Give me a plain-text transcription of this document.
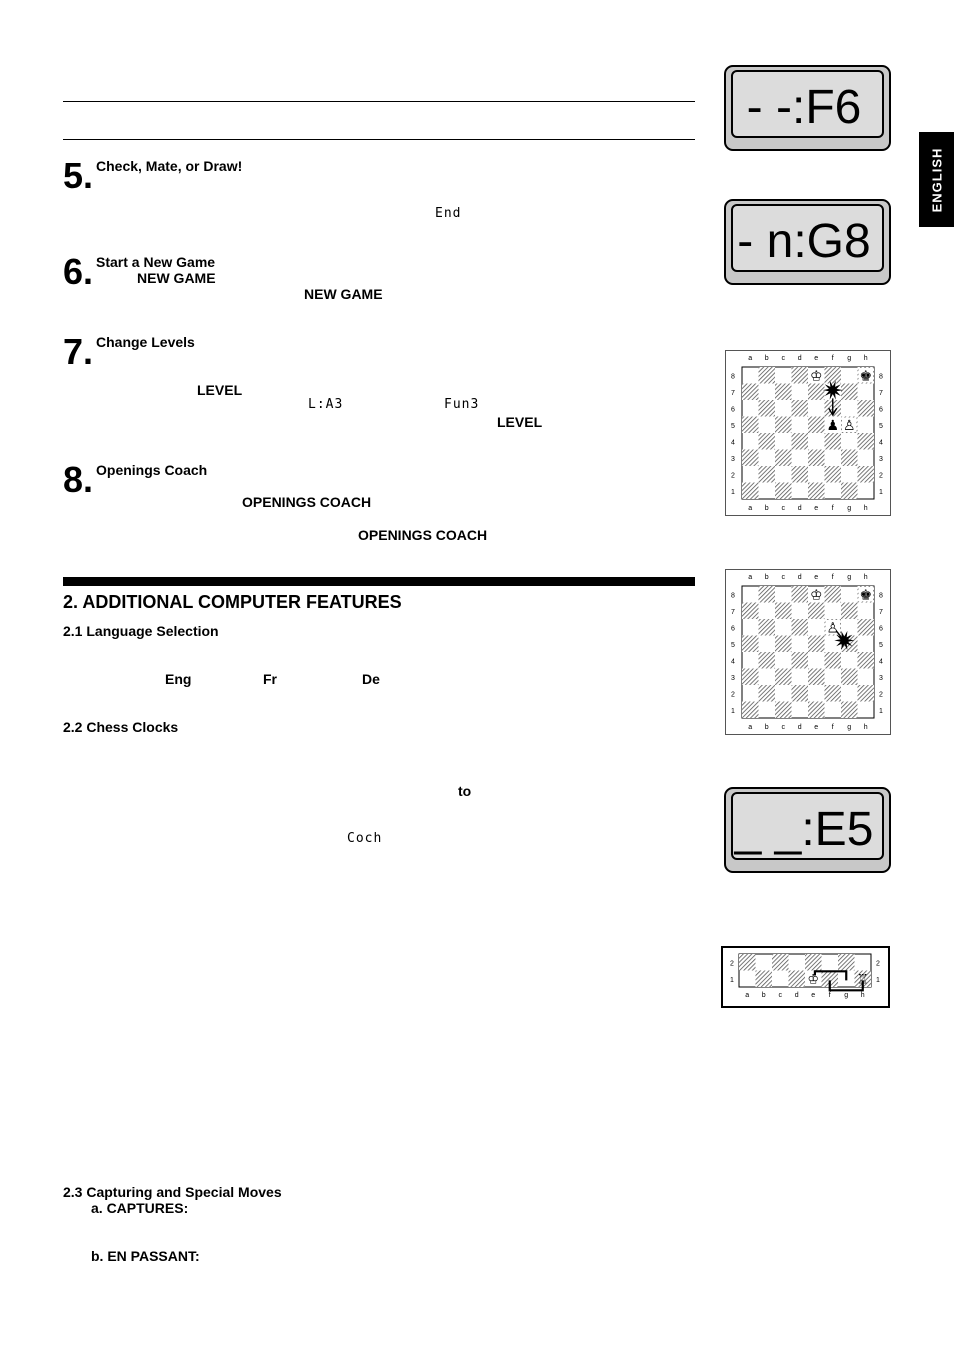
ENGLISH
5. Check, Mate, or Draw!
End
6. Start a New Game
NEW GAME
NEW GAME
7. Change Levels
LEVEL
L:A3	Fun3
LEVEL
8. Openings Coach
OPENINGS COACH
OPENINGS COACH
2. ADDITIONAL COMPUTER FEATURES
2.1 Language Selection
Eng	Fr	De
2.2 Chess Clocks
to
Coch
2.3 Capturing and Special Moves
a. CAPTURES:
b. EN PASSANT:
- -:F6
- n:G8
_ _:E5
a
a
b
b
c
c
d
d
e
e
f
f
g
g
h
h
8	8
7	7
6	6
5	5
4	4
3	3
2	2
1	1
♔	♚
♟ ♙
a
a
b
b
c
c
d
d
e
e
f
f
g
g
h
h
8	8
7	7
6	6
5	5
4	4
3	3
2	2
1	1
♔	♚
♙
2	2
1	1
a b c d e f g h
♔	♖
